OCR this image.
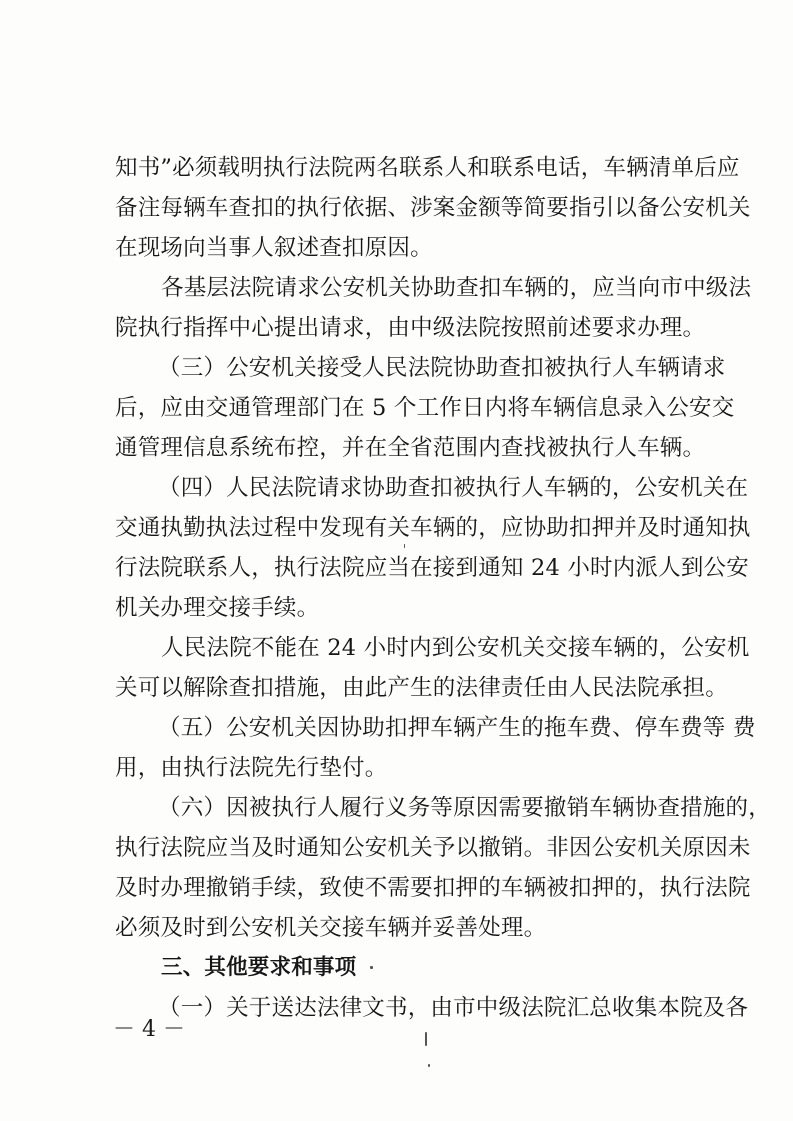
知书”必须载明执行法院两名联系人和联系电话，车辆清单后应
备注每辆车查扣的执行依据、涉案金额等简要指引以备公安机关
在现场向当事人叙述查扣原因。
各基层法院请求公安机关协助查扣车辆的，应当向市中级法
院执行指挥中心提出请求，由中级法院按照前述要求办理。
（三）公安机关接受人民法院协助查扣被执行人车辆请求
后，应由交通管理部门在 5 个工作日内将车辆信息录入公安交
通管理信息系统布控，并在全省范围内查找被执行人车辆。
（四）人民法院请求协助查扣被执行人车辆的，公安机关在
交通执勤执法过程中发现有关车辆的，应协助扣押并及时通知执
行法院联系人，执行法院应当在接到通知 24 小时内派人到公安
机关办理交接手续。
人民法院不能在 24 小时内到公安机关交接车辆的，公安机
关可以解除查扣措施，由此产生的法律责任由人民法院承担。
（五）公安机关因协助扣押车辆产生的拖车费、停车费等 费
用，由执行法院先行垫付。
（六）因被执行人履行义务等原因需要撤销车辆协查措施的，
执行法院应当及时通知公安机关予以撤销。非因公安机关原因未
及时办理撤销手续，致使不需要扣押的车辆被扣押的，执行法院
必须及时到公安机关交接车辆并妥善处理。
三、其他要求和事项
（一）关于送达法律文书，由市中级法院汇总收集本院及各
－ 4 －
